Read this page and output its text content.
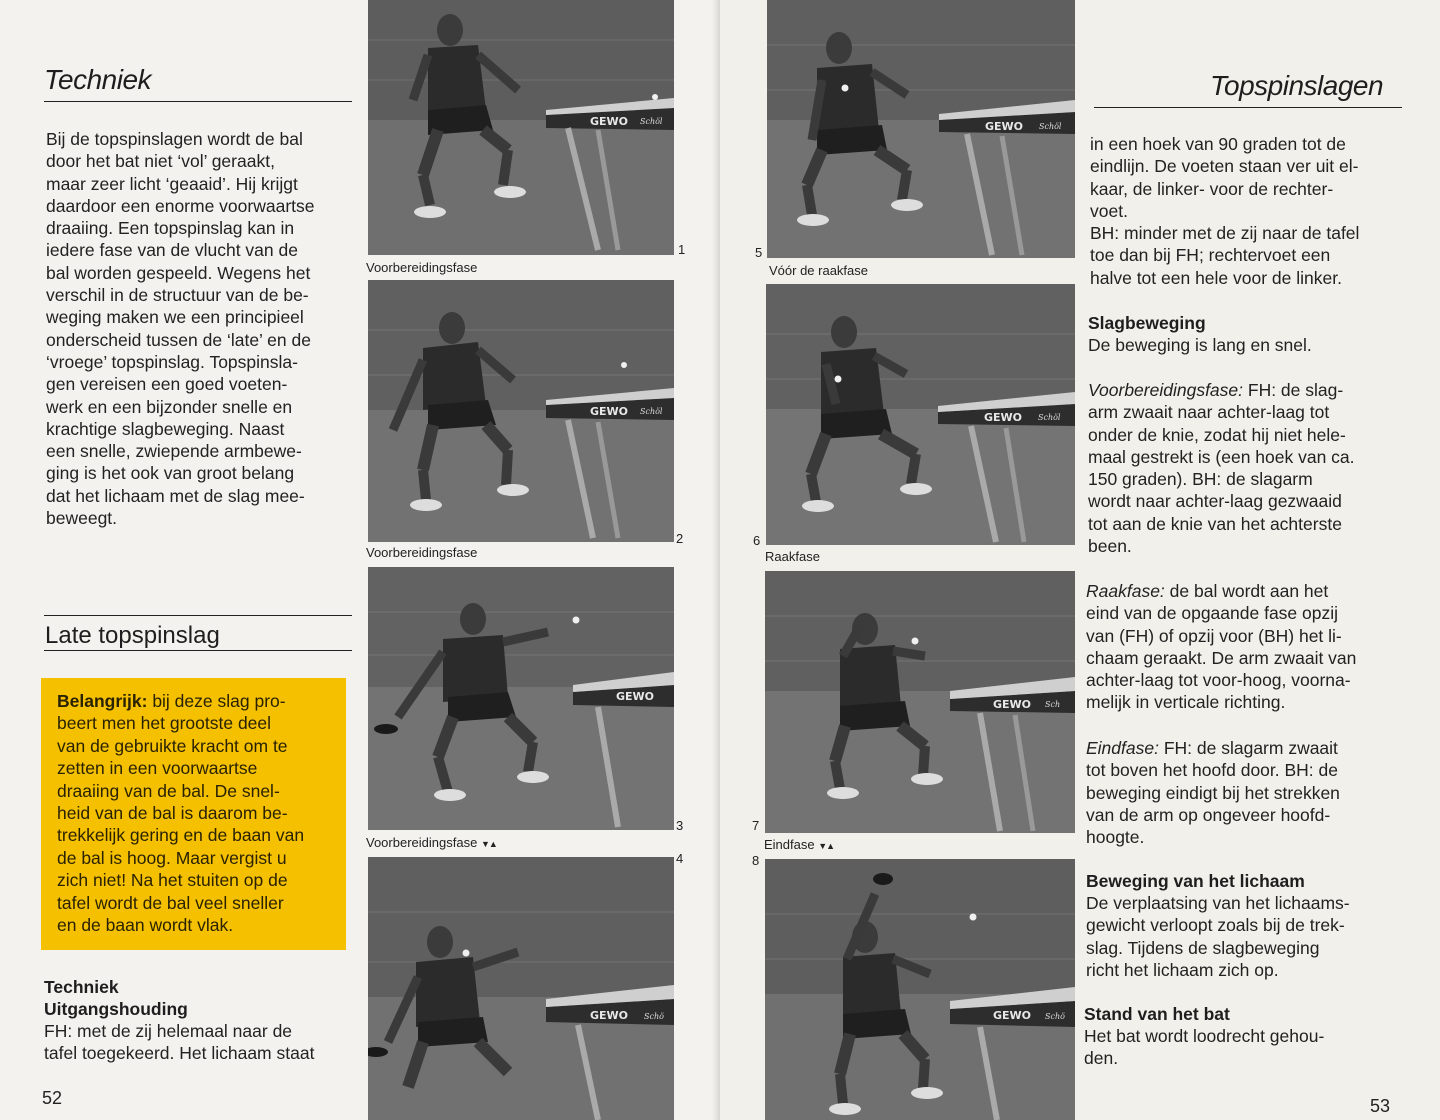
Techniek
Bij de topspinslagen wordt de bal
door het bat niet ‘vol’ geraakt,
maar zeer licht ‘geaaid’. Hij krijgt
daardoor een enorme voorwaartse
draaiing. Een topspinslag kan in
iedere fase van de vlucht van de
bal worden gespeeld. Wegens het
verschil in de structuur van de be-
weging maken we een principieel
onderscheid tussen de ‘late’ en de
‘vroege’ topspinslag. Topspinsla-
gen vereisen een goed voeten-
werk en een bijzonder snelle en
krachtige slagbeweging. Naast
een snelle, zwiepende armbewe-
ging is het ook van groot belang
dat het lichaam met de slag mee-
beweegt.
Late topspinslag
Belangrijk: bij deze slag pro-
beert men het grootste deel
van de gebruikte kracht om te
zetten in een voorwaartse
draaiing van de bal. De snel-
heid van de bal is daarom be-
trekkelijk gering en de baan van
de bal is hoog. Maar vergist u
zich niet! Na het stuiten op de
tafel wordt de bal veel sneller
en de baan wordt vlak.
Techniek
Uitgangshouding
FH: met de zij helemaal naar de
tafel toegekeerd. Het lichaam staat
52
GEWO Schöl
Voorbereidingsfase
1
GEWO Schöl
Voorbereidingsfase
2
GEWO
Voorbereidingsfase ▼▲
3
4
GEWO Schö
GEWO Schöl
5
Vóór de raakfase
GEWO Schöl
6
Raakfase
GEWO Sch
7
Eindfase ▼▲
8
GEWO Schö
Topspinslagen
in een hoek van 90 graden tot de
eindlijn. De voeten staan ver uit el-
kaar, de linker- voor de rechter-
voet.
BH: minder met de zij naar de tafel
toe dan bij FH; rechtervoet een
halve tot een hele voor de linker.
Slagbeweging
De beweging is lang en snel.
Voorbereidingsfase: FH: de slag-
arm zwaait naar achter-laag tot
onder de knie, zodat hij niet hele-
maal gestrekt is (een hoek van ca.
150 graden). BH: de slagarm
wordt naar achter-laag gezwaaid
tot aan de knie van het achterste
been.
Raakfase: de bal wordt aan het
eind van de opgaande fase opzij
van (FH) of opzij voor (BH) het li-
chaam geraakt. De arm zwaait van
achter-laag tot voor-hoog, voorna-
melijk in verticale richting.
Eindfase: FH: de slagarm zwaait
tot boven het hoofd door. BH: de
beweging eindigt bij het strekken
van de arm op ongeveer hoofd-
hoogte.
Beweging van het lichaam
De verplaatsing van het lichaams-
gewicht verloopt zoals bij de trek-
slag. Tijdens de slagbeweging
richt het lichaam zich op.
Stand van het bat
Het bat wordt loodrecht gehou-
den.
53
